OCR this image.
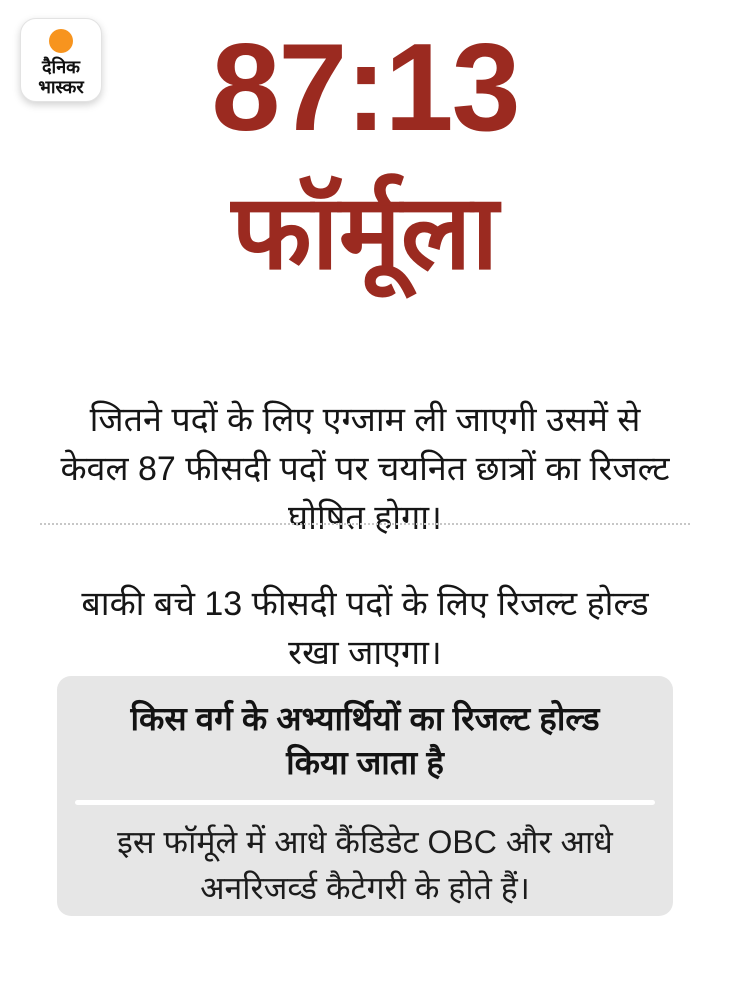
दैनिक
भास्कर	87:13
फॉर्मूला

जितने पदों के लिए एग्जाम ली जाएगी उसमें से
केवल 87 फीसदी पदों पर चयनित छात्रों का रिजल्ट
घोषित होगा।

बाकी बचे 13 फीसदी पदों के लिए रिजल्ट होल्ड
रखा जाएगा।

किस वर्ग के अभ्यार्थियों का रिजल्ट होल्ड
किया जाता है
इस फॉर्मूले में आधे कैंडिडेट OBC और आधे
अनरिजर्व्ड कैटेगरी के होते हैं।
